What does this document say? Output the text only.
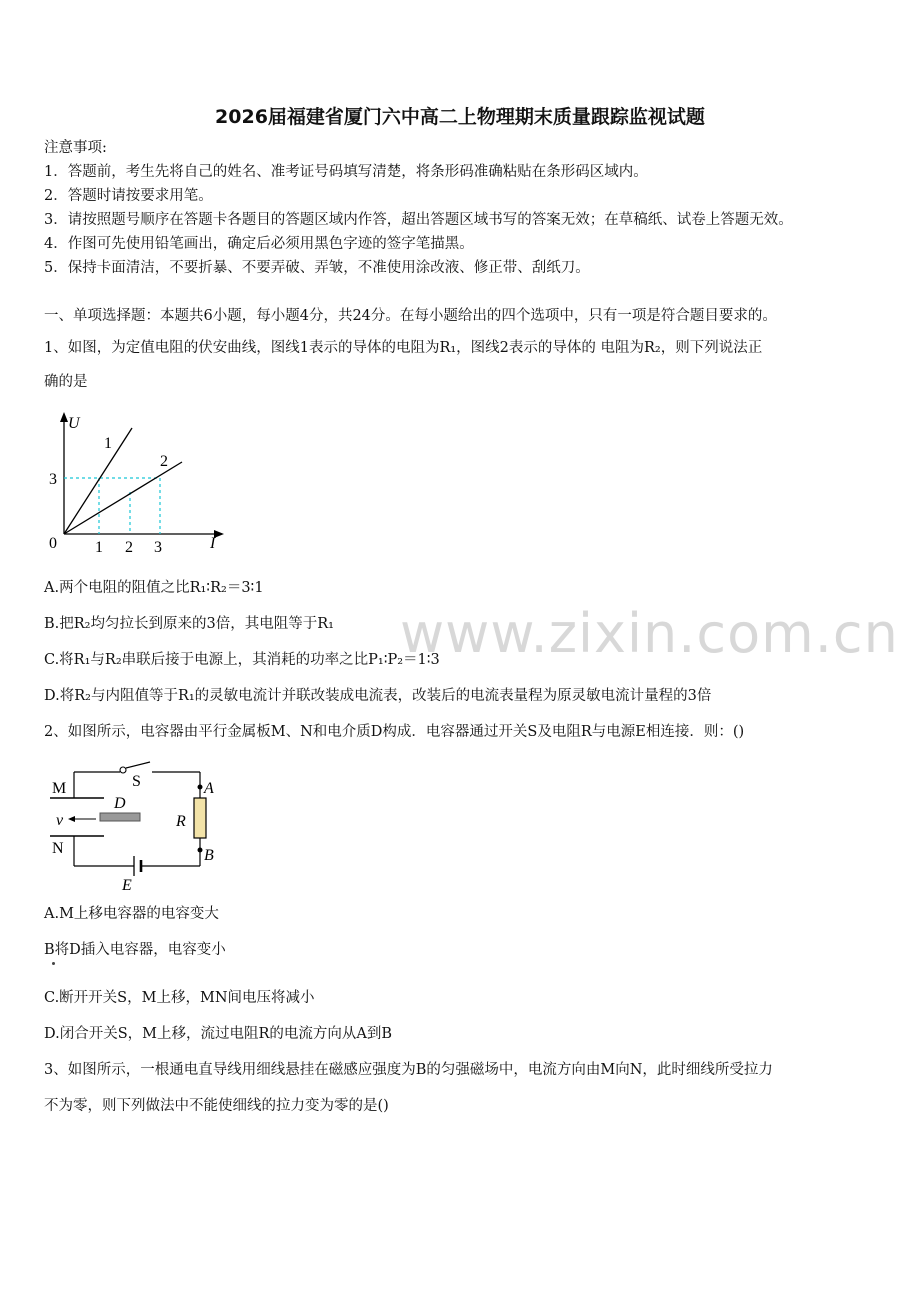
www.zixin.com.cn
2026届福建省厦门六中高二上物理期末质量跟踪监视试题
注意事项:
1．答题前，考生先将自己的姓名、准考证号码填写清楚，将条形码准确粘贴在条形码区域内。
2．答题时请按要求用笔。
3．请按照题号顺序在答题卡各题目的答题区域内作答，超出答题区域书写的答案无效；在草稿纸、试卷上答题无效。
4．作图可先使用铅笔画出，确定后必须用黑色字迹的签字笔描黑。
5．保持卡面清洁，不要折暴、不要弄破、弄皱，不准使用涂改液、修正带、刮纸刀。
一、单项选择题：本题共6小题，每小题4分，共24分。在每小题给出的四个选项中，只有一项是符合题目要求的。
1、如图，为定值电阻的伏安曲线，图线1表示的导体的电阻为R₁，图线2表示的导体的 电阻为R₂，则下列说法正
确的是
U
I
0
3
1 2 3
1
2
A.两个电阻的阻值之比R₁∶R₂＝3∶1
B.把R₂均匀拉长到原来的3倍，其电阻等于R₁
C.将R₁与R₂串联后接于电源上，其消耗的功率之比P₁∶P₂＝1∶3
D.将R₂与内阻值等于R₁的灵敏电流计并联改装成电流表，改装后的电流表量程为原灵敏电流计量程的3倍
2、如图所示，电容器由平行金属板M、N和电介质D构成．电容器通过开关S及电阻R与电源E相连接．则：()
M
N
D
v
S	A
R
B
E
A.M上移电容器的电容变大
B将D插入电容器，电容变小
C.断开开关S，M上移，MN间电压将减小
D.闭合开关S，M上移，流过电阻R的电流方向从A到B
3、如图所示，一根通电直导线用细线悬挂在磁感应强度为B的匀强磁场中，电流方向由M向N，此时细线所受拉力
不为零，则下列做法中不能使细线的拉力变为零的是()
